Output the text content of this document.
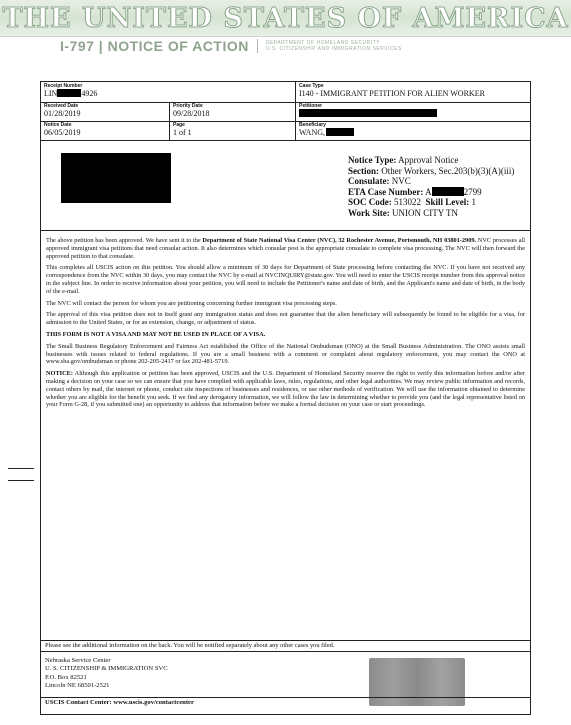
THE UNITED STATES OF AMERICA
I-797 | NOTICE OF ACTION	DEPARTMENT OF HOMELAND SECURITY
U.S. CITIZENSHIP AND IMMIGRATION SERVICES
Receipt Number
LIN	4926
Case Type
I140 - IMMIGRANT PETITION FOR ALIEN WORKER
Received Date
01/28/2019
Priority Date
09/28/2018
Petitioner
Notice Date
06/05/2019
Page
1 of 1
Beneficiary
WANG,
Notice Type: Approval Notice
Section: Other Workers, Sec.203(b)(3)(A)(iii)
Consulate: NVC
ETA Case Number: A	2799
SOC Code: 513022 Skill Level: 1
Work Site: UNION CITY TN

The above petition has been approved. We have sent it to the Department of State National Visa Center (NVC), 32 Rochester Avenue, Portsmouth, NH 03801-2909. NVC processes all approved immigrant visa petitions that need consular action. It also determines which consular post is the appropriate consulate to complete visa processing. The NVC will then forward the approved petition to that consulate.

This completes all USCIS action on this petition. You should allow a minimum of 30 days for Department of State processing before contacting the NVC. If you have not received any correspondence from the NVC within 30 days, you may contact the NVC by e-mail at NVCINQUIRY@state.gov. You will need to enter the USCIS receipt number from this approval notice in the subject line. In order to receive information about your petition, you will need to include the Petitioner's name and date of birth, and the Applicant's name and date of birth, in the body of the e-mail.

The NVC will contact the person for whom you are petitioning concerning further immigrant visa processing steps.

The approval of this visa petition does not in itself grant any immigration status and does not guarantee that the alien beneficiary will subsequently be found to be eligible for a visa, for admission to the United States, or for an extension, change, or adjustment of status.

THIS FORM IS NOT A VISA AND MAY NOT BE USED IN PLACE OF A VISA.

The Small Business Regulatory Enforcement and Fairness Act established the Office of the National Ombudsman (ONO) at the Small Business Administration. The ONO assists small businesses with issues related to federal regulations. If you are a small business with a comment or complaint about regulatory enforcement, you may contact the ONO at www.sba.gov/ombudsman or phone 202-205-2417 or fax 202-481-5719.

NOTICE: Although this application or petition has been approved, USCIS and the U.S. Department of Homeland Security reserve the right to verify this information before and/or after making a decision on your case so we can ensure that you have complied with applicable laws, rules, regulations, and other legal authorities. We may review public information and records, contact others by mail, the internet or phone, conduct site inspections of businesses and residences, or use other methods of verification. We will use the information obtained to determine whether you are eligible for the benefit you seek. If we find any derogatory information, we will follow the law in determining whether to provide you (and the legal representative listed on your Form G-28, if you submitted one) an opportunity to address that information before we make a formal decision on your case or start proceedings.

Please see the additional information on the back. You will be notified separately about any other cases you filed.
Nebraska Service Center
U. S. CITIZENSHIP & IMMIGRATION SVC
P.O. Box 82521
Lincoln NE 68501-2521
USCIS Contact Center: www.uscis.gov/contactcenter
